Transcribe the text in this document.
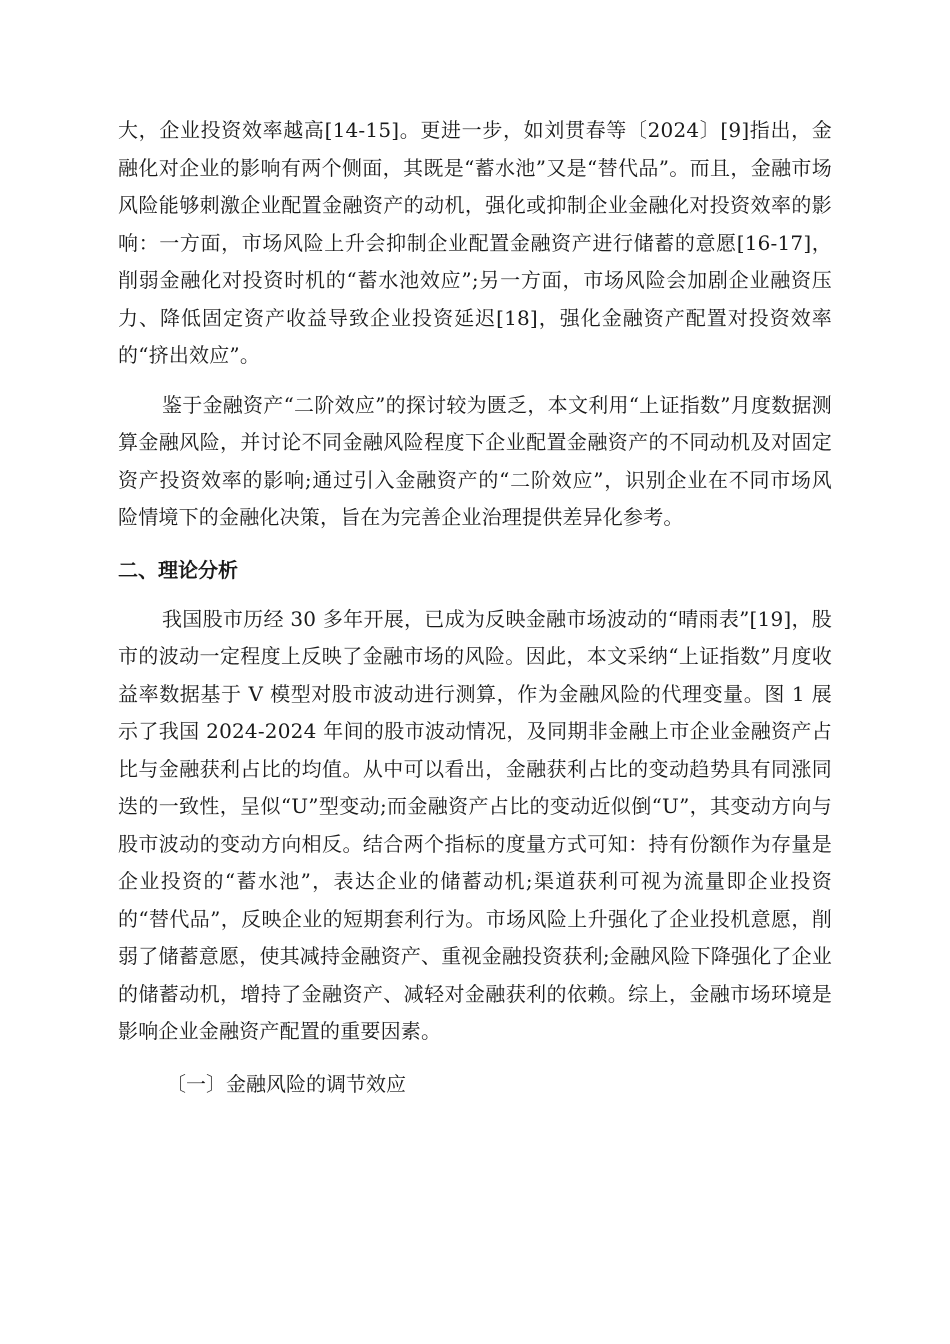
大，企业投资效率越高[14-15]。更进一步，如刘贯春等〔2024〕[9]指出，金融化对企业的影响有两个侧面，其既是“蓄水池”又是“替代品”。而且，金融市场风险能够刺激企业配置金融资产的动机，强化或抑制企业金融化对投资效率的影响：一方面，市场风险上升会抑制企业配置金融资产进行储蓄的意愿[16-17]，削弱金融化对投资时机的“蓄水池效应”;另一方面，市场风险会加剧企业融资压力、降低固定资产收益导致企业投资延迟[18]，强化金融资产配置对投资效率的“挤出效应”。

鉴于金融资产“二阶效应”的探讨较为匮乏，本文利用“上证指数”月度数据测算金融风险，并讨论不同金融风险程度下企业配置金融资产的不同动机及对固定资产投资效率的影响;通过引入金融资产的“二阶效应”，识别企业在不同市场风险情境下的金融化决策，旨在为完善企业治理提供差异化参考。

二、理论分析

我国股市历经 30 多年开展，已成为反映金融市场波动的“晴雨表”[19]，股市的波动一定程度上反映了金融市场的风险。因此，本文采纳“上证指数”月度收益率数据基于 V 模型对股市波动进行测算，作为金融风险的代理变量。图 1 展示了我国 2024-2024 年间的股市波动情况，及同期非金融上市企业金融资产占比与金融获利占比的均值。从中可以看出，金融获利占比的变动趋势具有同涨同迭的一致性，呈似“U”型变动;而金融资产占比的变动近似倒“U”，其变动方向与股市波动的变动方向相反。结合两个指标的度量方式可知：持有份额作为存量是企业投资的“蓄水池”，表达企业的储蓄动机;渠道获利可视为流量即企业投资的“替代品”，反映企业的短期套利行为。市场风险上升强化了企业投机意愿，削弱了储蓄意愿，使其减持金融资产、重视金融投资获利;金融风险下降强化了企业的储蓄动机，增持了金融资产、减轻对金融获利的依赖。综上，金融市场环境是影响企业金融资产配置的重要因素。

〔一〕金融风险的调节效应
